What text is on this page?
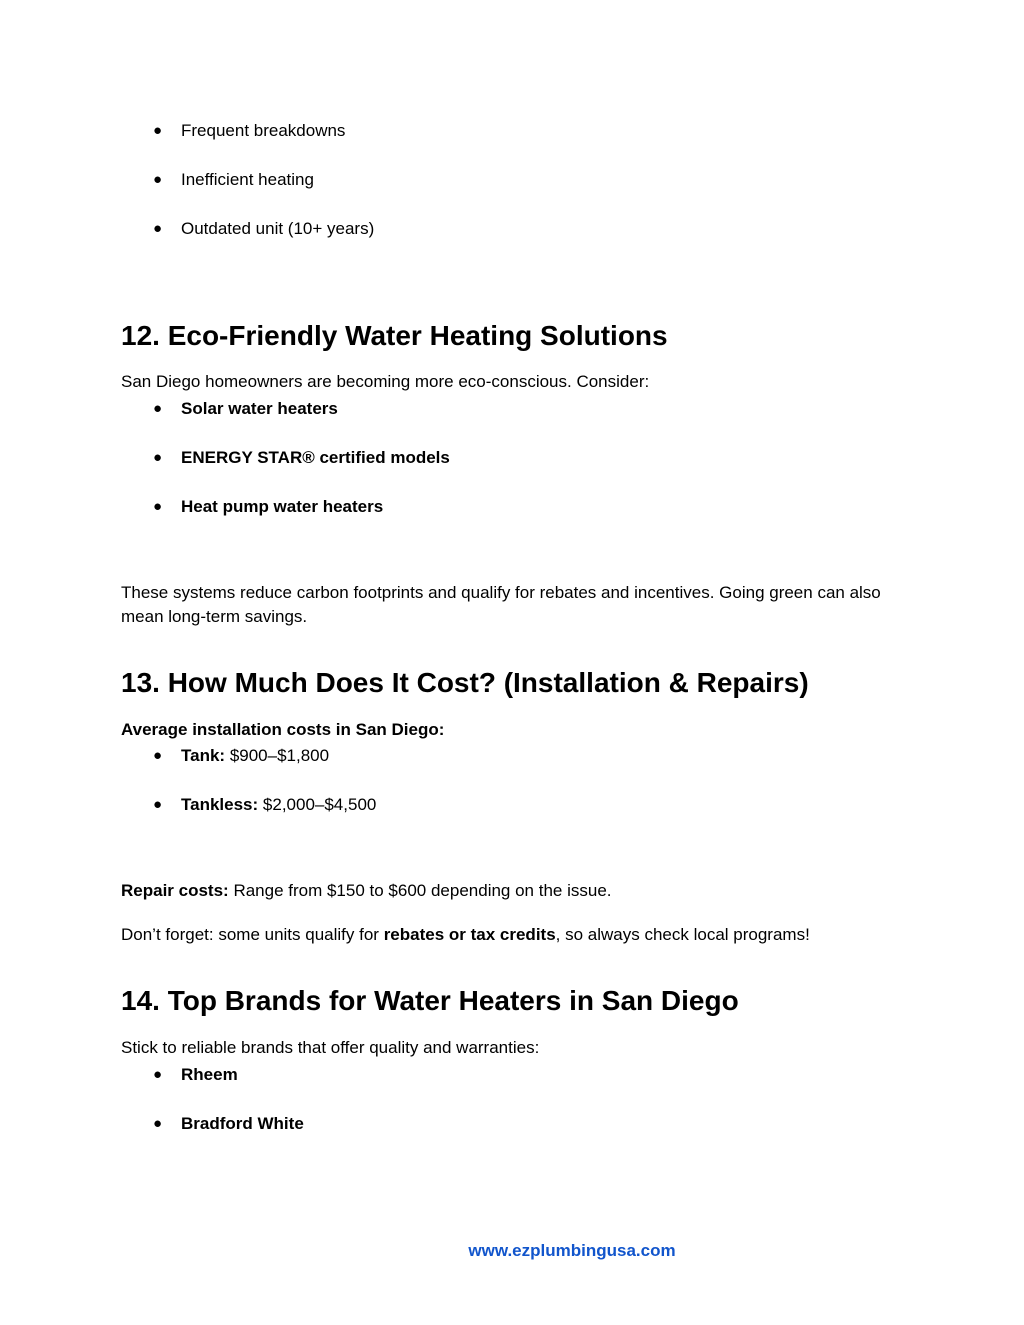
●	Frequent breakdowns
●	Inefficient heating
●	Outdated unit (10+ years)
12. Eco-Friendly Water Heating Solutions

San Diego homeowners are becoming more eco-conscious. Consider:

●	Solar water heaters
●	ENERGY STAR® certified models
●	Heat pump water heaters

These systems reduce carbon footprints and qualify for rebates and incentives. Going green can also mean long-term savings.

13. How Much Does It Cost? (Installation & Repairs)

Average installation costs in San Diego:

●	Tank: $900–$1,800
●	Tankless: $2,000–$4,500

Repair costs: Range from $150 to $600 depending on the issue.

Don’t forget: some units qualify for rebates or tax credits, so always check local programs!

14. Top Brands for Water Heaters in San Diego

Stick to reliable brands that offer quality and warranties:

●	Rheem
●	Bradford White
www.ezplumbingusa.com
